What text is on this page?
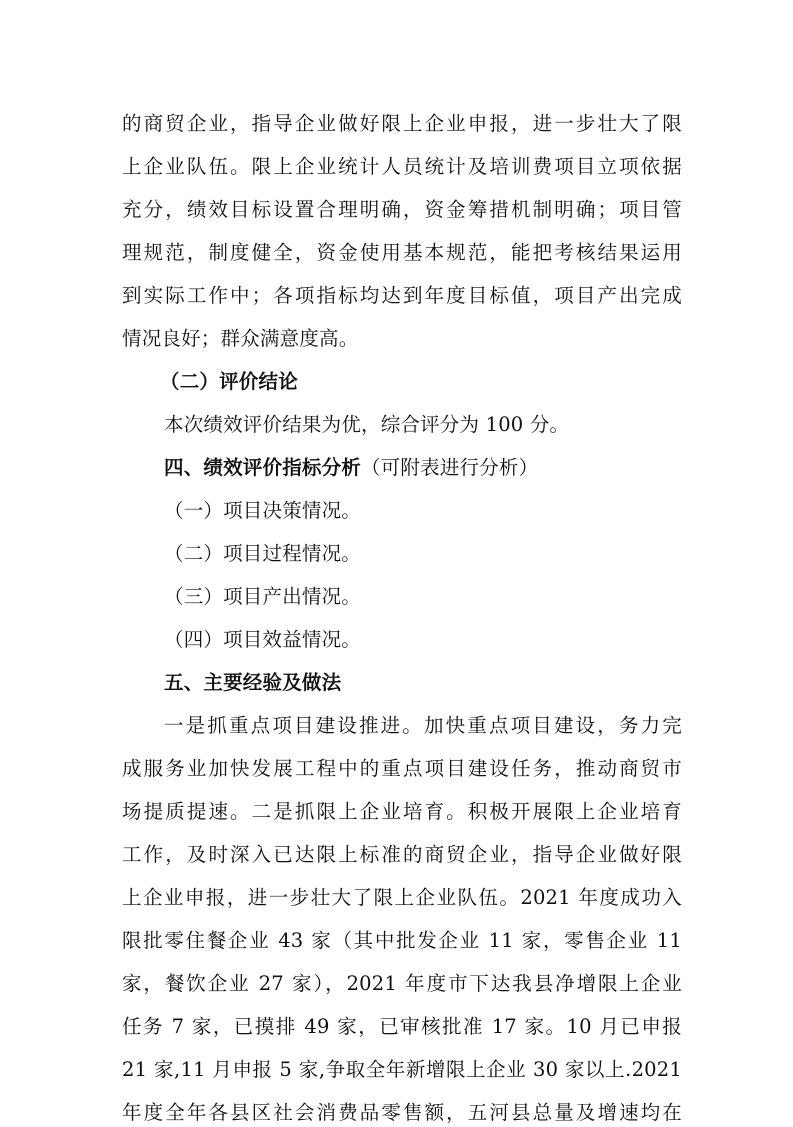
的商贸企业，指导企业做好限上企业申报，进一步壮大了限
上企业队伍。限上企业统计人员统计及培训费项目立项依据
充分，绩效目标设置合理明确，资金筹措机制明确；项目管
理规范，制度健全，资金使用基本规范，能把考核结果运用
到实际工作中；各项指标均达到年度目标值，项目产出完成
情况良好；群众满意度高。
（二）评价结论
本次绩效评价结果为优，综合评分为 100 分。
四、绩效评价指标分析（可附表进行分析）
（一）项目决策情况。
（二）项目过程情况。
（三）项目产出情况。
（四）项目效益情况。
五、主要经验及做法
一是抓重点项目建设推进。加快重点项目建设，务力完
成服务业加快发展工程中的重点项目建设任务，推动商贸市
场提质提速。二是抓限上企业培育。积极开展限上企业培育
工作，及时深入已达限上标准的商贸企业，指导企业做好限
上企业申报，进一步壮大了限上企业队伍。2021 年度成功入
限批零住餐企业 43 家（其中批发企业 11 家，零售企业 11
家，餐饮企业 27 家），2021 年度市下达我县净增限上企业
任务 7 家，已摸排 49 家，已审核批准 17 家。10 月已申报
21 家,11 月申报 5 家,争取全年新增限上企业 30 家以上.2021
年度全年各县区社会消费品零售额，五河县总量及增速均在
